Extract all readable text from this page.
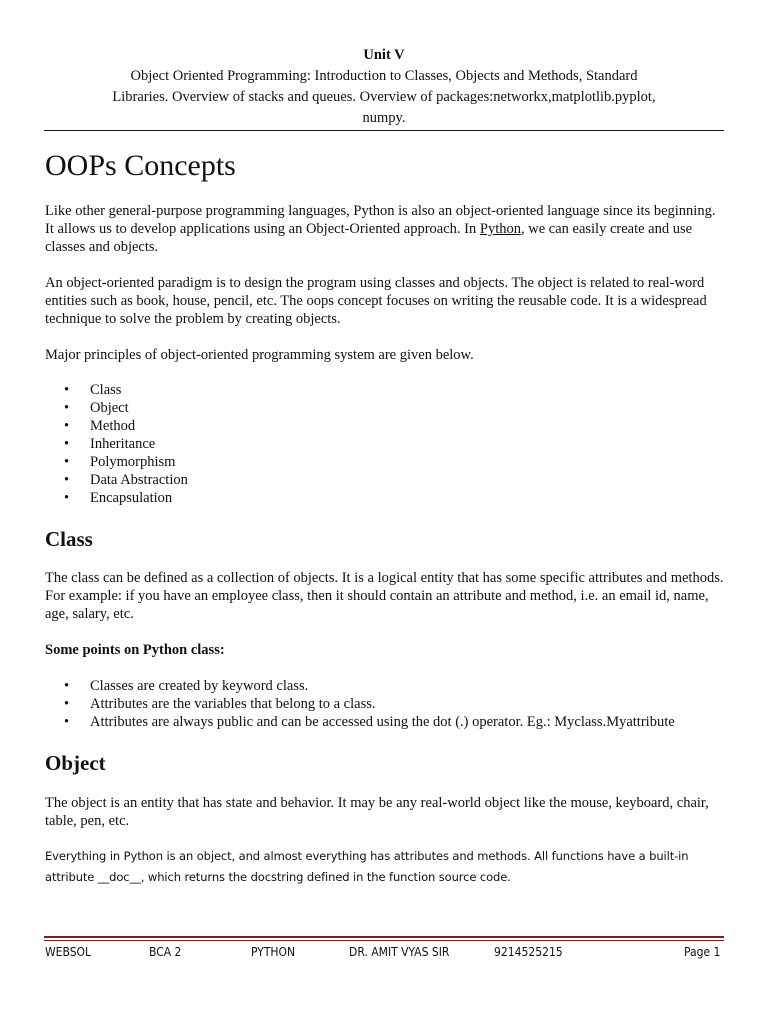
Unit V
Object Oriented Programming: Introduction to Classes, Objects and Methods, Standard
Libraries. Overview of stacks and queues. Overview of packages:networkx,matplotlib.pyplot,
numpy.
OOPs Concepts

Like other general-purpose programming languages, Python is also an object-oriented language since its beginning. It allows us to develop applications using an Object-Oriented approach. In Python, we can easily create and use classes and objects.

An object-oriented paradigm is to design the program using classes and objects. The object is related to real-word entities such as book, house, pencil, etc. The oops concept focuses on writing the reusable code. It is a widespread technique to solve the problem by creating objects.

Major principles of object-oriented programming system are given below.

• Class
• Object
• Method
• Inheritance
• Polymorphism
• Data Abstraction
• Encapsulation
Class

The class can be defined as a collection of objects. It is a logical entity that has some specific attributes and methods. For example: if you have an employee class, then it should contain an attribute and method, i.e. an email id, name, age, salary, etc.

Some points on Python class:

• Classes are created by keyword class.
• Attributes are the variables that belong to a class.
• Attributes are always public and can be accessed using the dot (.) operator. Eg.: Myclass.Myattribute
Object

The object is an entity that has state and behavior. It may be any real-world object like the mouse, keyboard, chair, table, pen, etc.

Everything in Python is an object, and almost everything has attributes and methods. All functions have a built-in attribute __doc__, which returns the docstring defined in the function source code.

WEBSOL	BCA 2	PYTHON	DR. AMIT VYAS SIR	9214525215	Page 1
